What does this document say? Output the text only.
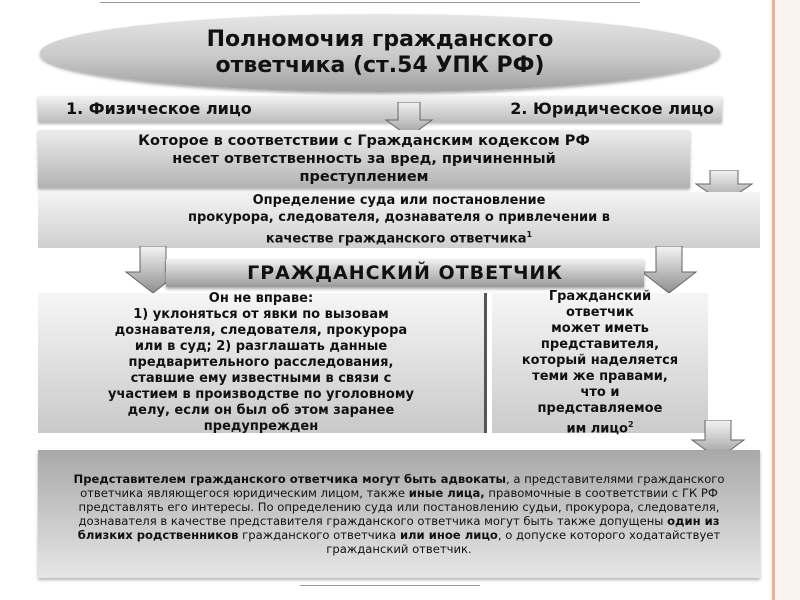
Полномочия гражданского
ответчика (ст.54 УПК РФ)
1. Физическое лицо	2. Юридическое лицо
Которое в соответствии с Гражданским кодексом РФ
несет ответственность за вред, причиненный
преступлением
Определение суда или постановление
прокурора, следователя, дознавателя о привлечении в
качестве гражданского ответчика$^1$
ГРАЖДАНСКИЙ ОТВЕТЧИК
Он не вправе:
1) уклоняться от явки по вызовам
дознавателя, следователя, прокурора
или в суд; 2) разглашать данные
предварительного расследования,
ставшие ему известными в связи с
участием в производстве по уголовному
делу, если он был об этом заранее
предупрежден
Гражданский
ответчик
может иметь
представителя,
который наделяется
теми же правами,
что и
представляемое
им лицо$^2$

Представителем гражданского ответчика могут быть адвокаты, а представителями гражданского ответчика являющегося юридическим лицом, также иные лица, правомочные в соответствии с ГК РФ представлять его интересы. По определению суда или постановлению судьи, прокурора, следователя, дознавателя в качестве представителя гражданского ответчика могут быть также допущены один из близких родственников гражданского ответчика или иное лицо, о допуске которого ходатайствует гражданский ответчик.
